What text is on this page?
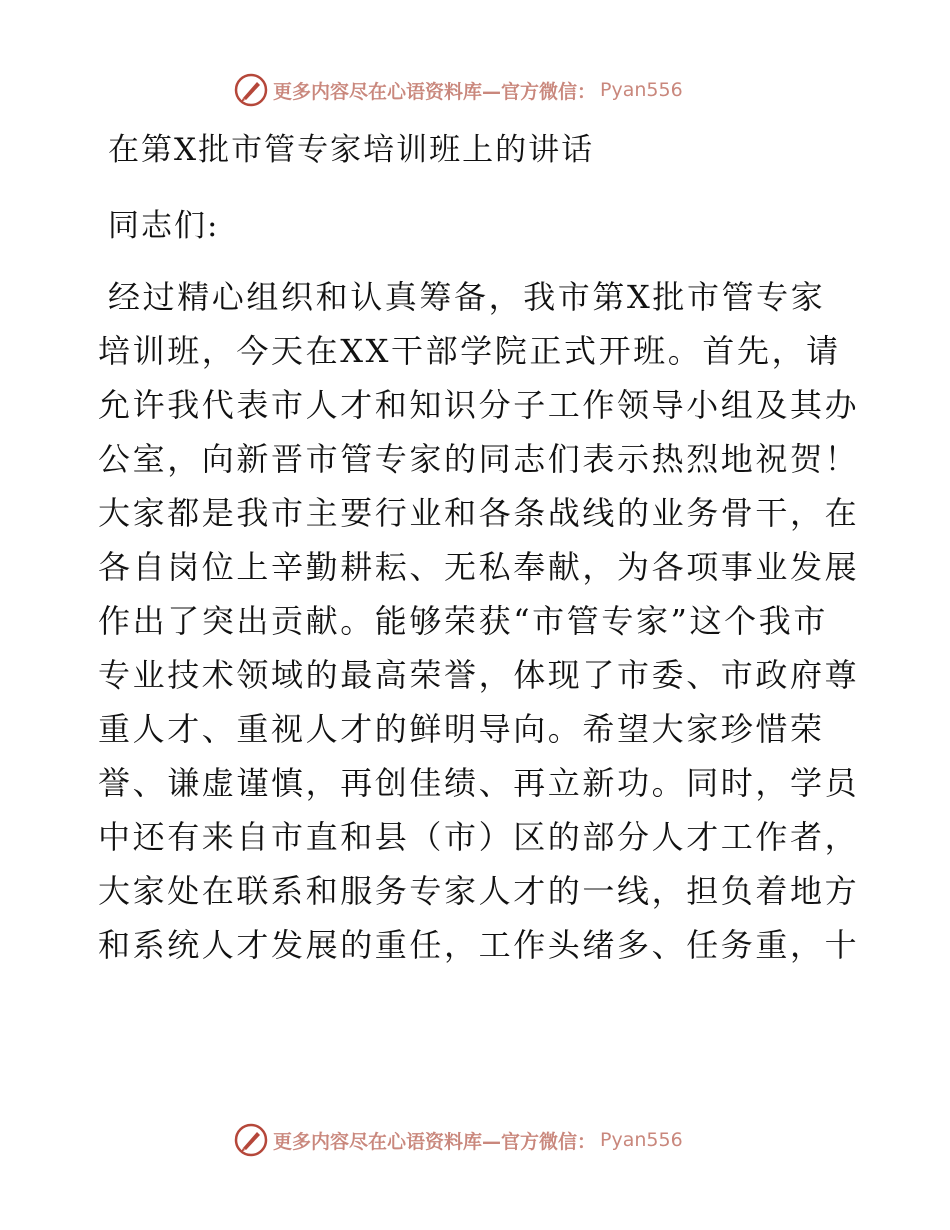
更多内容尽在心语资料库—官方微信： Pyan556
在第X批市管专家培训班上的讲话
同志们:
经过精心组织和认真筹备，我市第X批市管专家
培训班，今天在XX干部学院正式开班。首先，请
允许我代表市人才和知识分子工作领导小组及其办
公室，向新晋市管专家的同志们表示热烈地祝贺！
大家都是我市主要行业和各条战线的业务骨干，在
各自岗位上辛勤耕耘、无私奉献，为各项事业发展
作出了突出贡献。能够荣获“市管专家”这个我市
专业技术领域的最高荣誉，体现了市委、市政府尊
重人才、重视人才的鲜明导向。希望大家珍惜荣
誉、谦虚谨慎，再创佳绩、再立新功。同时，学员
中还有来自市直和县（市）区的部分人才工作者，
大家处在联系和服务专家人才的一线，担负着地方
和系统人才发展的重任，工作头绪多、任务重，十
更多内容尽在心语资料库—官方微信： Pyan556
